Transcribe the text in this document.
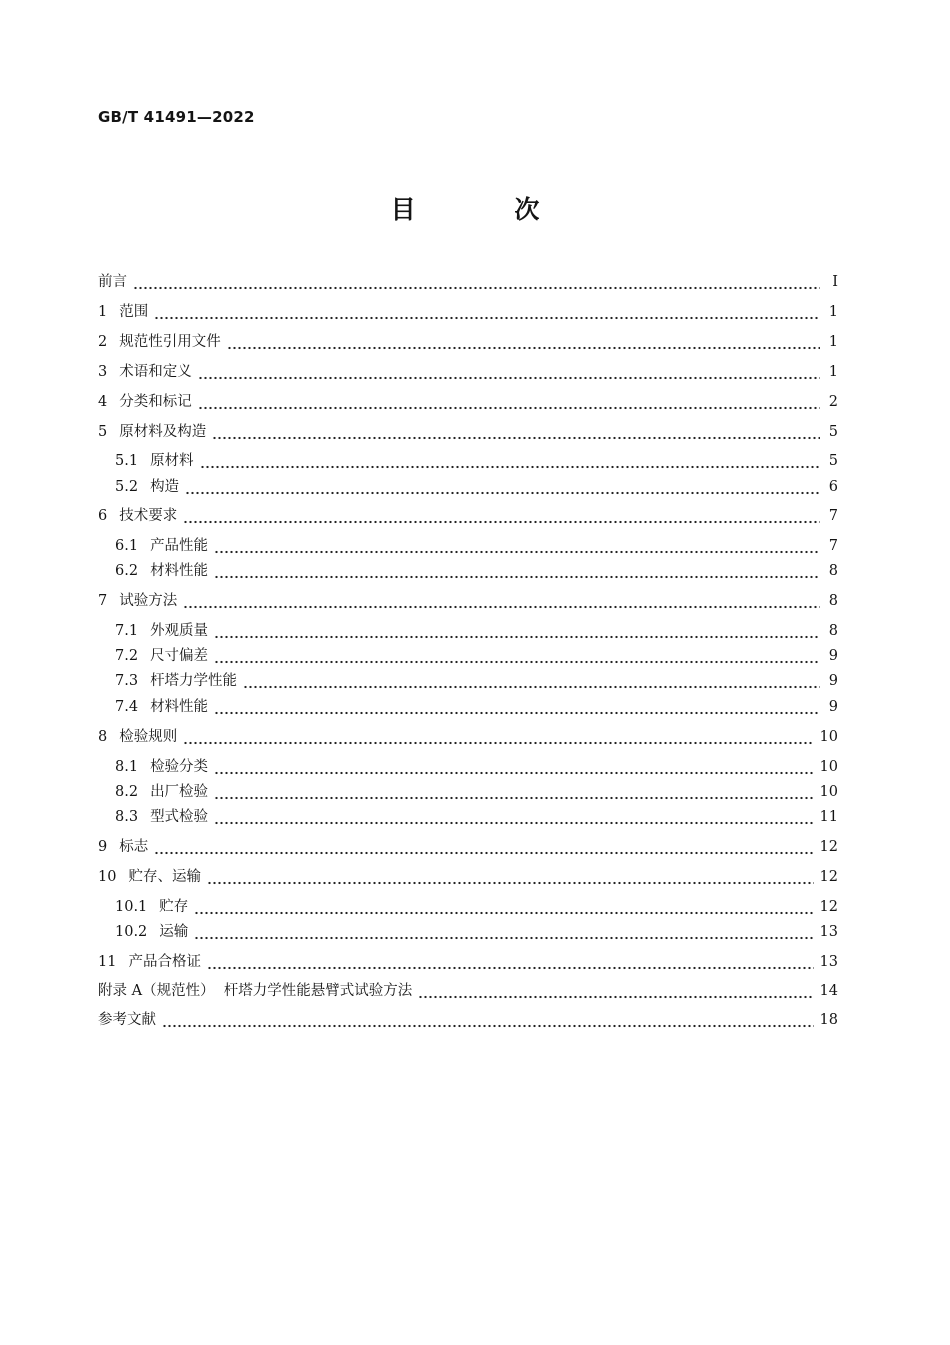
GB/T 41491—2022
目 次
前言	Ⅰ
1 范围	1
2 规范性引用文件	1
3 术语和定义	1
4 分类和标记	2
5 原材料及构造	5
5.1 原材料	5
5.2 构造	6
6 技术要求	7
6.1 产品性能	7
6.2 材料性能	8
7 试验方法	8
7.1 外观质量	8
7.2 尺寸偏差	9
7.3 杆塔力学性能	9
7.4 材料性能	9
8 检验规则	10
8.1 检验分类	10
8.2 出厂检验	10
8.3 型式检验	11
9 标志	12
10 贮存、运输	12
10.1 贮存	12
10.2 运输	13
11 产品合格证	13
附录 A（规范性）  杆塔力学性能悬臂式试验方法	14
参考文献	18
